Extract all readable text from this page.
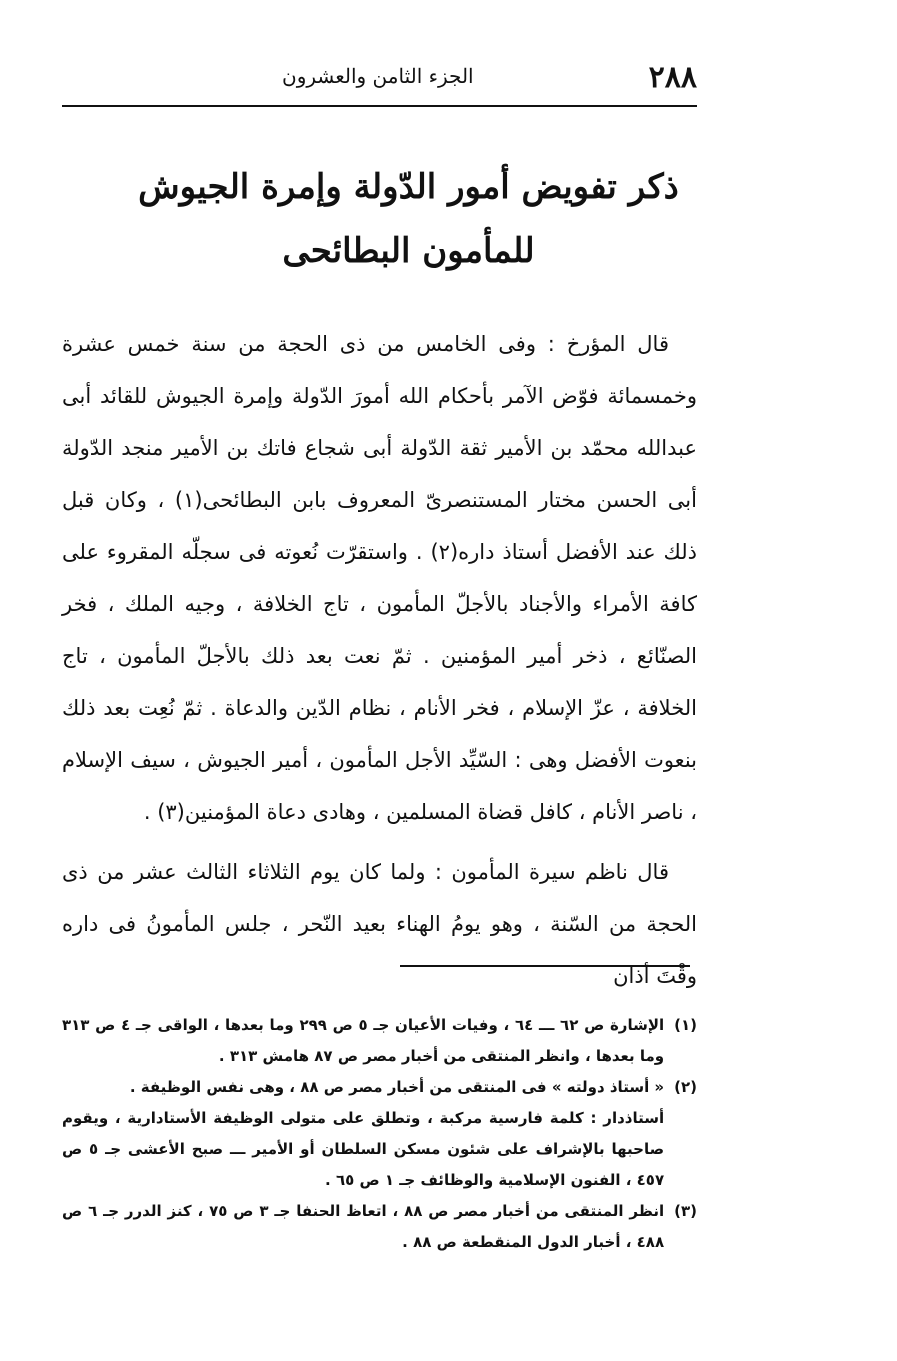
٢٨٨
الجزء الثامن والعشرون
ذكر تفويض أمور الدّولة وإمرة الجيوش
للمأمون البطائحى

قال المؤرخ : وفى الخامس من ذى الحجة من سنة خمس عشرة وخمسمائة فوّض الآمر بأحكام الله أمورَ الدّولة وإمرة الجيوش للقائد أبى عبدالله محمّد بن الأمير ثقة الدّولة أبى شجاع فاتك بن الأمير منجد الدّولة أبى الحسن مختار المستنصرىّ المعروف بابن البطائحى(١) ، وكان قبل ذلك عند الأفضل أستاذ داره(٢) . واستقرّت نُعوته فى سجلّه المقروء على كافة الأمراء والأجناد بالأجلّ المأمون ، تاج الخلافة ، وجيه الملك ، فخر الصنّائع ، ذخر أمير المؤمنين . ثمّ نعت بعد ذلك بالأجلّ المأمون ، تاج الخلافة ، عزّ الإسلام ، فخر الأنام ، نظام الدّين والدعاة . ثمّ نُعِت بعد ذلك بنعوت الأفضل وهى : السّيِّد الأجل المأمون ، أمير الجيوش ، سيف الإسلام ، ناصر الأنام ، كافل قضاة المسلمين ، وهادى دعاة المؤمنين(٣) .

قال ناظم سيرة المأمون : ولما كان يوم الثلاثاء الثالث عشر من ذى الحجة من السّنة ، وهو يومُ الهناء بعيد النّحر ، جلس المأمونُ فى داره وقْتَ أذان

(١)

الإشارة ص ٦٢ ـــ ٦٤ ، وفيات الأعيان جـ ٥ ص ٢٩٩ وما بعدها ، الواقى جـ ٤ ص ٣١٣ وما بعدها ، وانظر المنتقى من أخبار مصر ص ٨٧ هامش ٣١٣ .

(٢)

« أستاذ دولته » فى المنتقى من أخبار مصر ص ٨٨ ، وهى نفس الوظيفة .

أستاذدار : كلمة فارسية مركبة ، وتطلق على متولى الوظيفة الأستادارية ، ويقوم صاحبها بالإشراف على شئون مسكن السلطان أو الأمير ـــ صبح الأعشى جـ ٥ ص ٤٥٧ ، الفنون الإسلامية والوظائف جـ ١ ص ٦٥ .

(٣)

انظر المنتقى من أخبار مصر ص ٨٨ ، اتعاظ الحنفا جـ ٣ ص ٧٥ ، كنز الدرر جـ ٦ ص ٤٨٨ ، أخبار الدول المنقطعة ص ٨٨ .
